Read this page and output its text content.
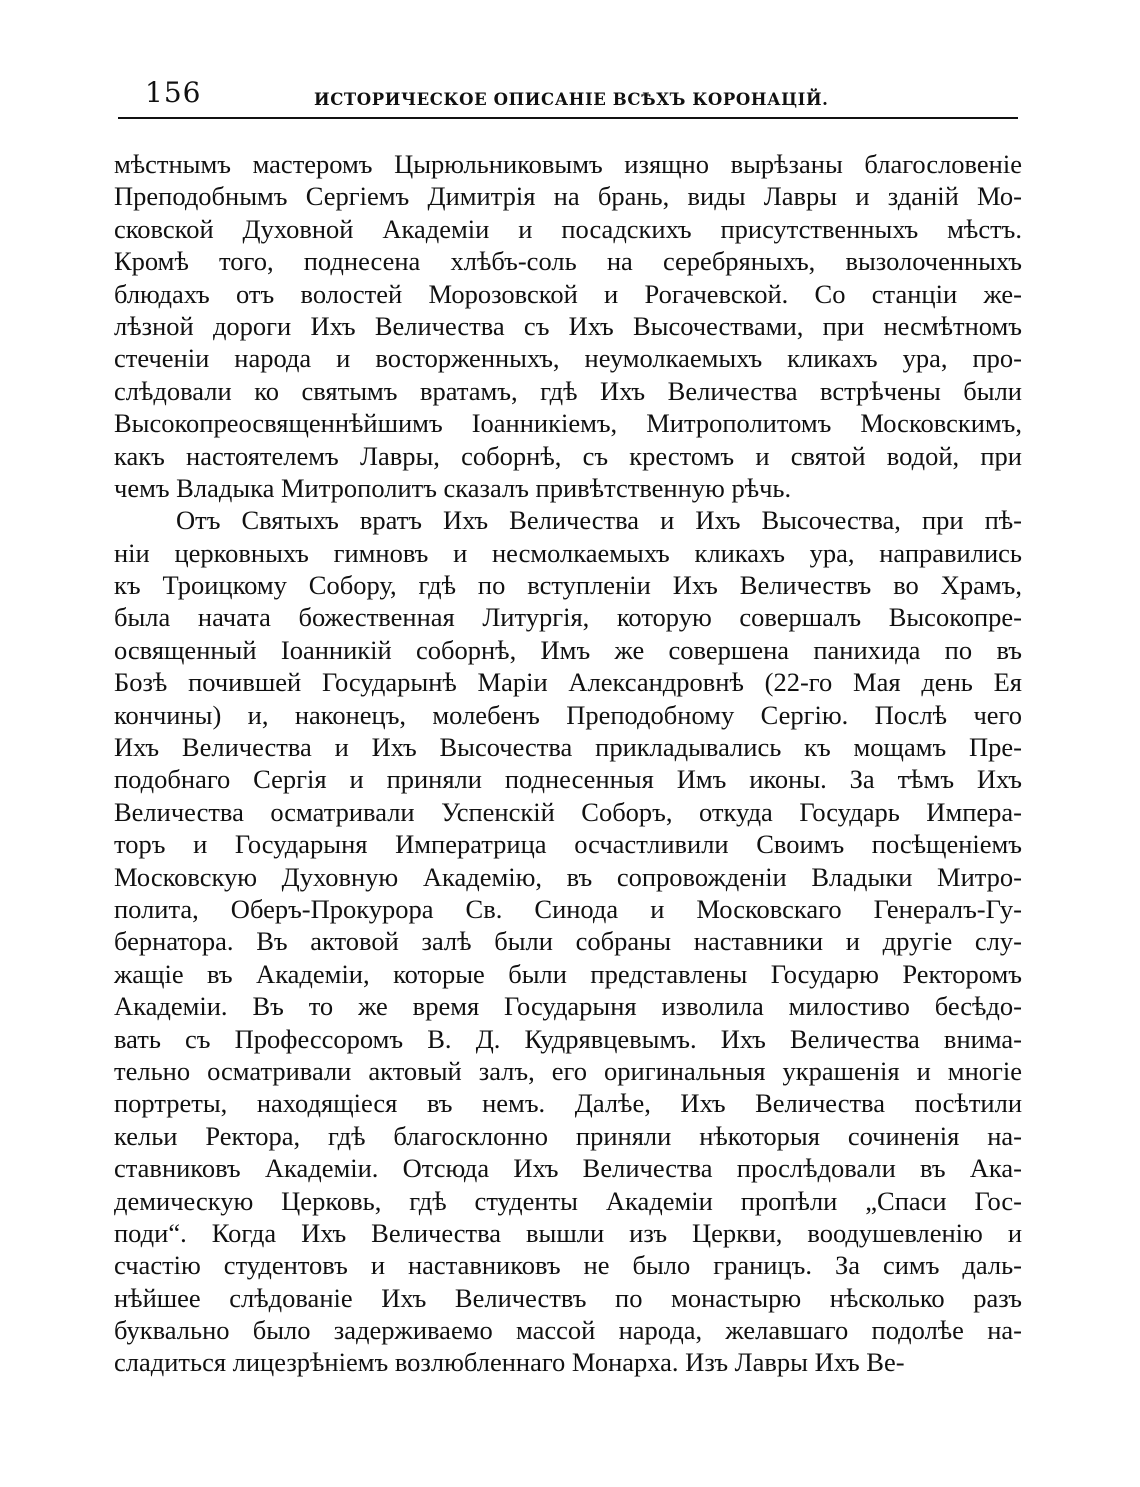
156	ИСТОРИЧЕСКОЕ ОПИСАНІЕ ВСѢХЪ КОРОНАЦІЙ.
мѣстнымъ мастеромъ Цырюльниковымъ изящно вырѣзаны благословеніе
Преподобнымъ Сергіемъ Димитрія на брань, виды Лавры и зданій Мо-
сковской Духовной Академіи и посадскихъ присутственныхъ мѣстъ.
Кромѣ того, поднесена хлѣбъ-соль на серебряныхъ, вызолоченныхъ
блюдахъ отъ волостей Морозовской и Рогачевской. Со станціи же-
лѣзной дороги Ихъ Величества съ Ихъ Высочествами, при несмѣтномъ
стеченіи народа и восторженныхъ, неумолкаемыхъ кликахъ ура, про-
слѣдовали ко святымъ вратамъ, гдѣ Ихъ Величества встрѣчены были
Высокопреосвященнѣйшимъ Іоанникіемъ, Митрополитомъ Московскимъ,
какъ настоятелемъ Лавры, соборнѣ, съ крестомъ и святой водой, при
чемъ Владыка Митрополитъ сказалъ привѣтственную рѣчь.
Отъ Святыхъ вратъ Ихъ Величества и Ихъ Высочества, при пѣ-
ніи церковныхъ гимновъ и несмолкаемыхъ кликахъ ура, направились
къ Троицкому Собору, гдѣ по вступленіи Ихъ Величествъ во Храмъ,
была начата божественная Литургія, которую совершалъ Высокопре-
освященный Іоанникій соборнѣ, Имъ же совершена панихида по въ
Бозѣ почившей Государынѣ Маріи Александровнѣ (22-го Мая день Ея
кончины) и, наконецъ, молебенъ Преподобному Сергію. Послѣ чего
Ихъ Величества и Ихъ Высочества прикладывались къ мощамъ Пре-
подобнаго Сергія и приняли поднесенныя Имъ иконы. За тѣмъ Ихъ
Величества осматривали Успенскій Соборъ, откуда Государь Импера-
торъ и Государыня Императрица осчастливили Своимъ посѣщеніемъ
Московскую Духовную Академію, въ сопровожденіи Владыки Митро-
полита, Оберъ-Прокурора Св. Синода и Московскаго Генералъ-Гу-
бернатора. Въ актовой залѣ были собраны наставники и другіе слу-
жащіе въ Академіи, которые были представлены Государю Ректоромъ
Академіи. Въ то же время Государыня изволила милостиво бесѣдо-
вать съ Профессоромъ В. Д. Кудрявцевымъ. Ихъ Величества внима-
тельно осматривали актовый залъ, его оригинальныя украшенія и многіе
портреты, находящіеся въ немъ. Далѣе, Ихъ Величества посѣтили
кельи Ректора, гдѣ благосклонно приняли нѣкоторыя сочиненія на-
ставниковъ Академіи. Отсюда Ихъ Величества прослѣдовали въ Ака-
демическую Церковь, гдѣ студенты Академіи пропѣли „Спаси Гос-
поди“. Когда Ихъ Величества вышли изъ Церкви, воодушевленію и
счастію студентовъ и наставниковъ не было границъ. За симъ даль-
нѣйшее слѣдованіе Ихъ Величествъ по монастырю нѣсколько разъ
буквально было задерживаемо массой народа, желавшаго подолѣе на-
сладиться лицезрѣніемъ возлюбленнаго Монарха. Изъ Лавры Ихъ Ве-
